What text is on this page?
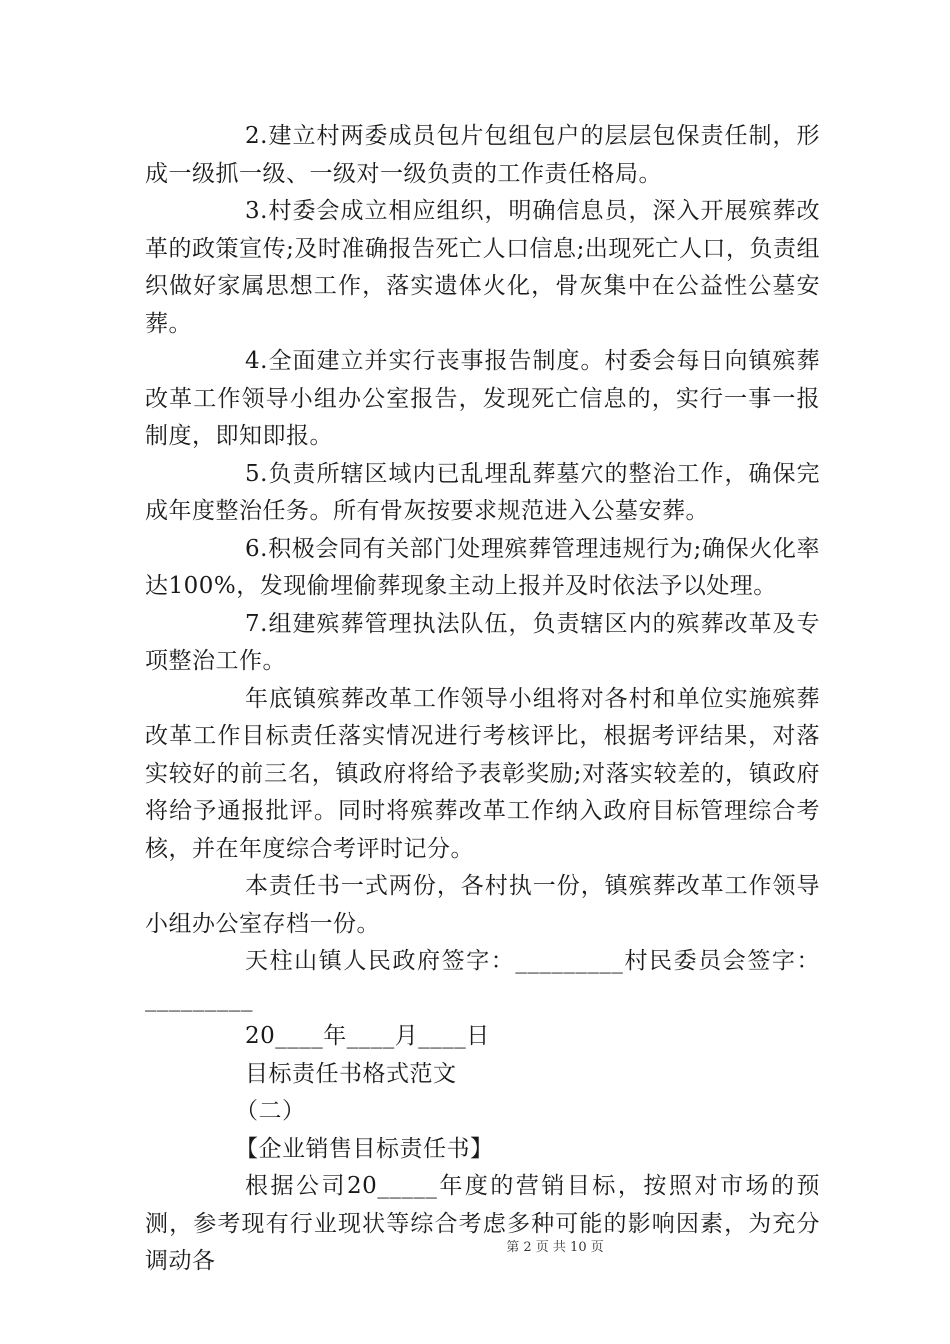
2.建立村两委成员包片包组包户的层层包保责任制，形成一级抓一级、一级对一级负责的工作责任格局。

3.村委会成立相应组织，明确信息员，深入开展殡葬改革的政策宣传;及时准确报告死亡人口信息;出现死亡人口，负责组织做好家属思想工作，落实遗体火化，骨灰集中在公益性公墓安葬。

4.全面建立并实行丧事报告制度。村委会每日向镇殡葬改革工作领导小组办公室报告，发现死亡信息的，实行一事一报制度，即知即报。

5.负责所辖区域内已乱埋乱葬墓穴的整治工作，确保完成年度整治任务。所有骨灰按要求规范进入公墓安葬。

6.积极会同有关部门处理殡葬管理违规行为;确保火化率达100%，发现偷埋偷葬现象主动上报并及时依法予以处理。

7.组建殡葬管理执法队伍，负责辖区内的殡葬改革及专项整治工作。

年底镇殡葬改革工作领导小组将对各村和单位实施殡葬改革工作目标责任落实情况进行考核评比，根据考评结果，对落实较好的前三名，镇政府将给予表彰奖励;对落实较差的，镇政府将给予通报批评。同时将殡葬改革工作纳入政府目标管理综合考核，并在年度综合考评时记分。

本责任书一式两份，各村执一份，镇殡葬改革工作领导小组办公室存档一份。

天柱山镇人民政府签字：_________村民委员会签字：_________

20____年____月____日

目标责任书格式范文

（二）

【企业销售目标责任书】

根据公司20_____年度的营销目标，按照对市场的预测，参考现有行业现状等综合考虑多种可能的影响因素，为充分调动各

第 2 页 共 10 页
